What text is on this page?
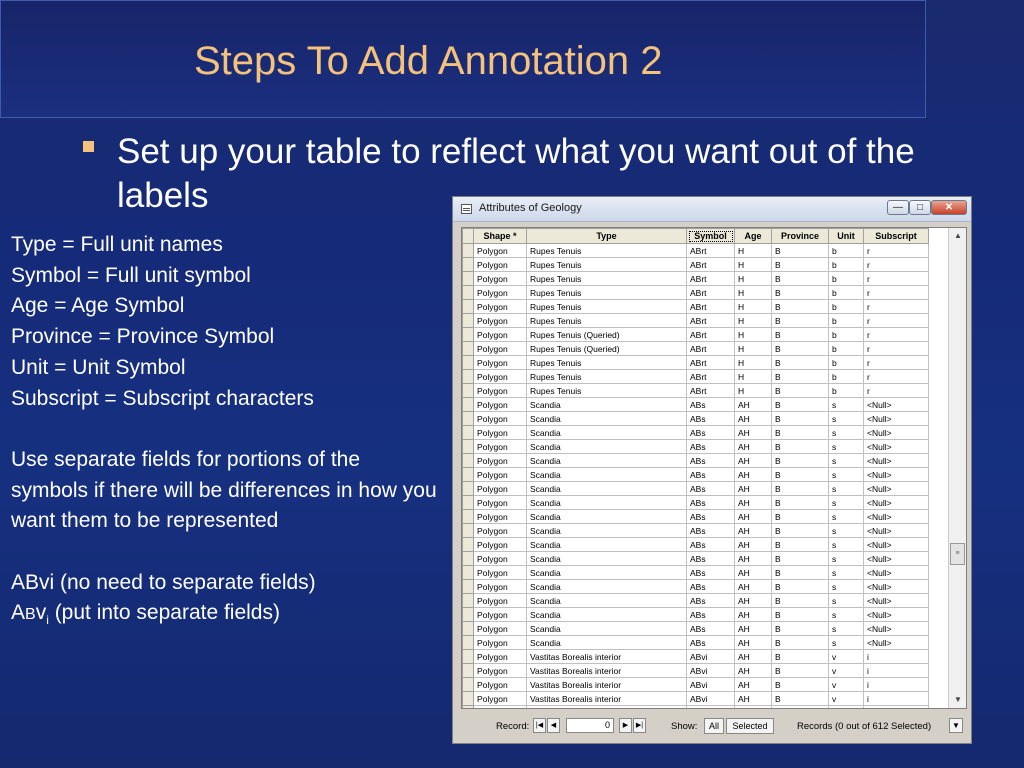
Steps To Add Annotation 2
Set up your table to reflect what you want out of the labels
Type = Full unit names
Symbol = Full unit symbol
Age = Age Symbol
Province = Province Symbol
Unit = Unit Symbol
Subscript = Subscript characters
Use separate fields for portions of the symbols if there will be differences in how you want them to be represented
ABvi (no need to separate fields)
ABv$_i$ (put into separate fields)
Attributes of Geology	—	□	✕
	Shape *	Type	Symbol	Age	Province	Unit	Subscript
	Polygon	Rupes Tenuis	ABrt	H	B	b	r
	Polygon	Rupes Tenuis	ABrt	H	B	b	r
	Polygon	Rupes Tenuis	ABrt	H	B	b	r
	Polygon	Rupes Tenuis	ABrt	H	B	b	r
	Polygon	Rupes Tenuis	ABrt	H	B	b	r
	Polygon	Rupes Tenuis	ABrt	H	B	b	r
	Polygon	Rupes Tenuis (Queried)	ABrt	H	B	b	r
	Polygon	Rupes Tenuis (Queried)	ABrt	H	B	b	r
	Polygon	Rupes Tenuis	ABrt	H	B	b	r
	Polygon	Rupes Tenuis	ABrt	H	B	b	r
	Polygon	Rupes Tenuis	ABrt	H	B	b	r
	Polygon	Scandia	ABs	AH	B	s	<Null>
	Polygon	Scandia	ABs	AH	B	s	<Null>
	Polygon	Scandia	ABs	AH	B	s	<Null>
	Polygon	Scandia	ABs	AH	B	s	<Null>
	Polygon	Scandia	ABs	AH	B	s	<Null>
	Polygon	Scandia	ABs	AH	B	s	<Null>
	Polygon	Scandia	ABs	AH	B	s	<Null>
	Polygon	Scandia	ABs	AH	B	s	<Null>
	Polygon	Scandia	ABs	AH	B	s	<Null>
	Polygon	Scandia	ABs	AH	B	s	<Null>
	Polygon	Scandia	ABs	AH	B	s	<Null>
	Polygon	Scandia	ABs	AH	B	s	<Null>
	Polygon	Scandia	ABs	AH	B	s	<Null>
	Polygon	Scandia	ABs	AH	B	s	<Null>
	Polygon	Scandia	ABs	AH	B	s	<Null>
	Polygon	Scandia	ABs	AH	B	s	<Null>
	Polygon	Scandia	ABs	AH	B	s	<Null>
	Polygon	Scandia	ABs	AH	B	s	<Null>
	Polygon	Vastitas Borealis interior	ABvi	AH	B	v	i
	Polygon	Vastitas Borealis interior	ABvi	AH	B	v	i
	Polygon	Vastitas Borealis interior	ABvi	AH	B	v	i
	Polygon	Vastitas Borealis interior	ABvi	AH	B	v	i

▲
≡
▼
Record: |◀	◀	0	▶	▶|	Show:	All	Selected	Records (0 out of 612 Selected)	▼
